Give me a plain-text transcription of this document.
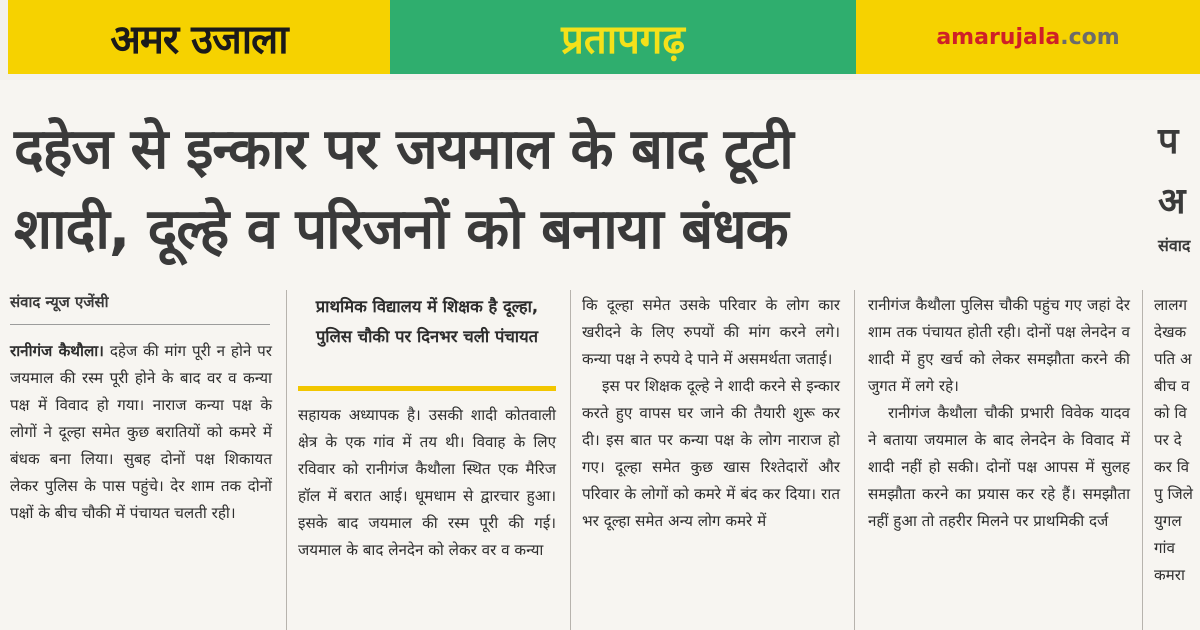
अमर उजाला	प्रतापगढ़	amarujala.com
दहेज से इन्कार पर जयमाल के बाद टूटी
शादी, दूल्हे व परिजनों को बनाया बंधक
प
अ
संवाद
संवाद न्यूज एजेंसी

रानीगंज कैथौला। दहेज की मांग पूरी न होने पर जयमाल की रस्म पूरी होने के बाद वर व कन्या पक्ष में विवाद हो गया। नाराज कन्या पक्ष के लोगों ने दूल्हा समेत कुछ बरातियों को कमरे में बंधक बना लिया। सुबह दोनों पक्ष शिकायत लेकर पुलिस के पास पहुंचे। देर शाम तक दोनों पक्षों के बीच चौकी में पंचायत चलती रही।

प्राथमिक विद्यालय में शिक्षक है दूल्हा, पुलिस चौकी पर दिनभर चली पंचायत

सहायक अध्यापक है। उसकी शादी कोतवाली क्षेत्र के एक गांव में तय थी। विवाह के लिए रविवार को रानीगंज कैथौला स्थित एक मैरिज हॉल में बरात आई। धूमधाम से द्वारचार हुआ। इसके बाद जयमाल की रस्म पूरी की गई। जयमाल के बाद लेनदेन को लेकर वर व कन्या

कि दूल्हा समेत उसके परिवार के लोग कार खरीदने के लिए रुपयों की मांग करने लगे। कन्या पक्ष ने रुपये दे पाने में असमर्थता जताई।

इस पर शिक्षक दूल्हे ने शादी करने से इन्कार करते हुए वापस घर जाने की तैयारी शुरू कर दी। इस बात पर कन्या पक्ष के लोग नाराज हो गए। दूल्हा समेत कुछ खास रिश्तेदारों और परिवार के लोगों को कमरे में बंद कर दिया। रात भर दूल्हा समेत अन्य लोग कमरे में

रानीगंज कैथौला पुलिस चौकी पहुंच गए जहां देर शाम तक पंचायत होती रही। दोनों पक्ष लेनदेन व शादी में हुए खर्च को लेकर समझौता करने की जुगत में लगे रहे।

रानीगंज कैथौला चौकी प्रभारी विवेक यादव ने बताया जयमाल के बाद लेनदेन के विवाद में शादी नहीं हो सकी। दोनों पक्ष आपस में सुलह समझौता करने का प्रयास कर रहे हैं। समझौता नहीं हुआ तो तहरीर मिलने पर प्राथमिकी दर्ज

लालग देखक पति अ बीच व को वि पर दे कर वि पु जिले युगल गांव कमरा
